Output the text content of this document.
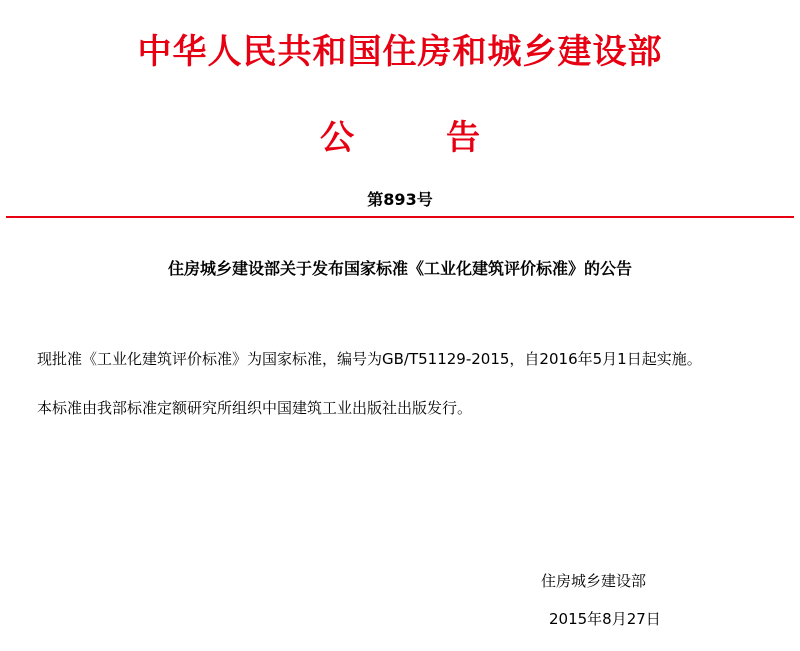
中华人民共和国住房和城乡建设部
公	告
第893号
住房城乡建设部关于发布国家标准《工业化建筑评价标准》的公告
现批准《工业化建筑评价标准》为国家标准，编号为GB/T51129-2015，自2016年5月1日起实施。
本标准由我部标准定额研究所组织中国建筑工业出版社出版发行。
住房城乡建设部
2015年8月27日
